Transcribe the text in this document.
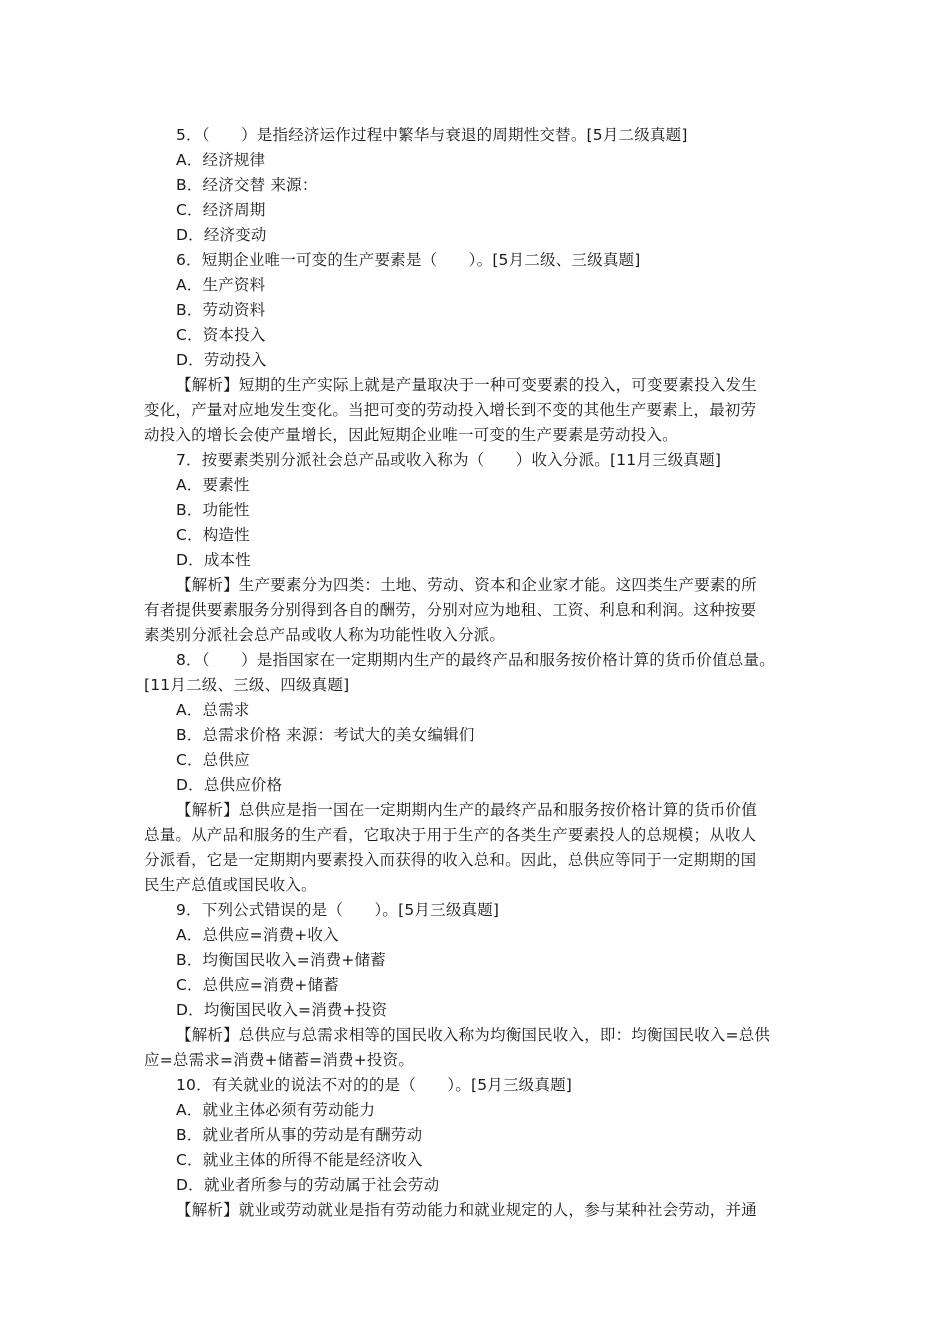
5．（　　）是指经济运作过程中繁华与衰退的周期性交替。[5月二级真题]
A．经济规律
B．经济交替 来源：
C．经济周期
D．经济变动
6．短期企业唯一可变的生产要素是（　　）。[5月二级、三级真题]
A．生产资料
B．劳动资料
C．资本投入
D．劳动投入
【解析】短期的生产实际上就是产量取决于一种可变要素的投入，可变要素投入发生
变化，产量对应地发生变化。当把可变的劳动投入增长到不变的其他生产要素上，最初劳
动投入的增长会使产量增长，因此短期企业唯一可变的生产要素是劳动投入。
7．按要素类别分派社会总产品或收入称为（　　）收入分派。[11月三级真题]
A．要素性
B．功能性
C．构造性
D．成本性
【解析】生产要素分为四类：土地、劳动、资本和企业家才能。这四类生产要素的所
有者提供要素服务分别得到各自的酬劳，分别对应为地租、工资、利息和利润。这种按要
素类别分派社会总产品或收人称为功能性收入分派。
8．（　　）是指国家在一定期期内生产的最终产品和服务按价格计算的货币价值总量。
[11月二级、三级、四级真题]
A．总需求
B．总需求价格 来源：考试大的美女编辑们
C．总供应
D．总供应价格
【解析】总供应是指一国在一定期期内生产的最终产品和服务按价格计算的货币价值
总量。从产品和服务的生产看，它取决于用于生产的各类生产要素投人的总规模；从收人
分派看，它是一定期期内要素投入而获得的收入总和。因此，总供应等同于一定期期的国
民生产总值或国民收入。
9．下列公式错误的是（　　）。[5月三级真题]
A．总供应=消费+收入
B．均衡国民收入=消费+储蓄
C．总供应=消费+储蓄
D．均衡国民收入=消费+投资
【解析】总供应与总需求相等的国民收入称为均衡国民收入，即：均衡国民收入=总供
应=总需求=消费+储蓄=消费+投资。
10．有关就业的说法不对的的是（　　）。[5月三级真题]
A．就业主体必须有劳动能力
B．就业者所从事的劳动是有酬劳动
C．就业主体的所得不能是经济收入
D．就业者所参与的劳动属于社会劳动
【解析】就业或劳动就业是指有劳动能力和就业规定的人，参与某种社会劳动，并通
